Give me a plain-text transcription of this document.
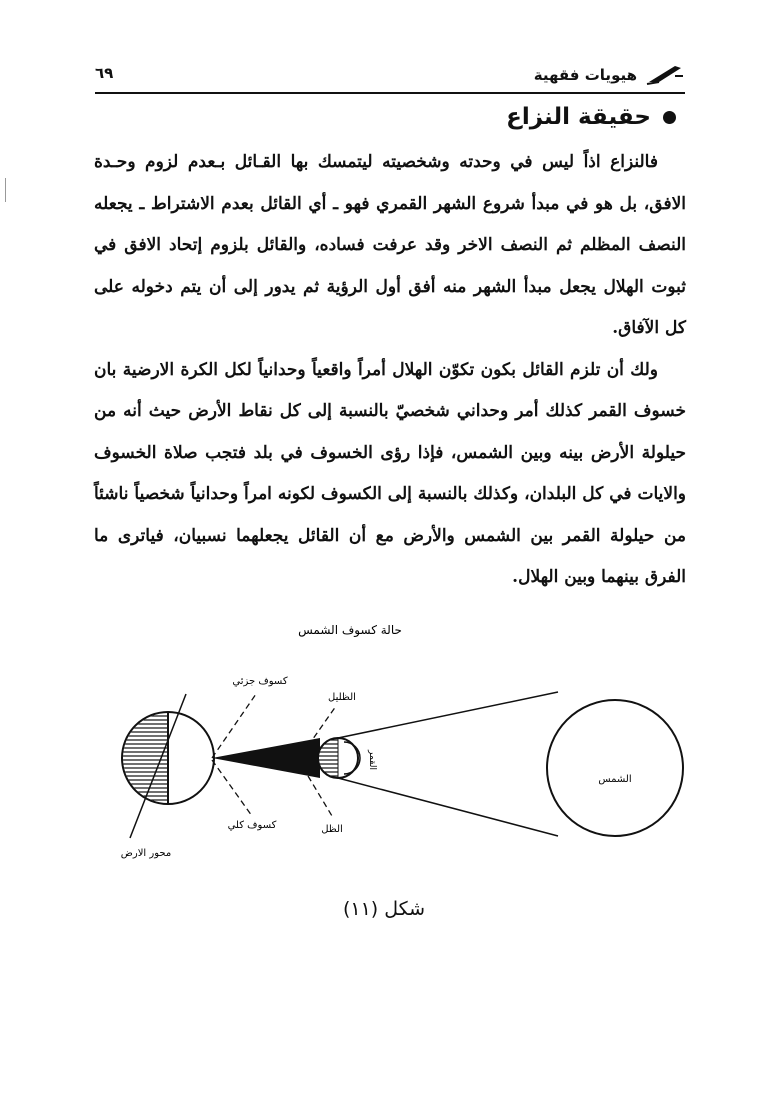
هيويات فقهية
٦٩
حقيقة النزاع

فالنزاع اذاً ليس في وحدته وشخصيته ليتمسك بها القـائل بـعدم لزوم وحـدة الافق، بل هو في مبدأ شروع الشهر القمري فهو ـ أي القائل بعدم الاشتراط ـ يجعله النصف المظلم ثم النصف الاخر وقد عرفت فساده، والقائل بلزوم إتحاد الافق في ثبوت الهلال يجعل مبدأ الشهر منه أفق أول الرؤية ثم يدور إلى أن يتم دخوله على كل الآفاق.

ولك أن تلزم القائل بكون تكوّن الهلال أمراً واقعياً وحدانياً لكل الكرة الارضية بان خسوف القمر كذلك أمر وحداني شخصيّ بالنسبة إلى كل نقاط الأرض حيث أنه من حيلولة الأرض بينه وبين الشمس، فإذا رؤى الخسوف في بلد فتجب صلاة الخسوف والايات في كل البلدان، وكذلك بالنسبة إلى الكسوف لكونه امراً وحدانياً شخصياً ناشئاً من حيلولة القمر بين الشمس والأرض مع أن القائل يجعلهما نسبيان، فياترى ما الفرق بينهما وبين الهلال.

حالة كسوف الشمس
كسوف جزئي
الظليل
القمر
الشمس
كسوف كلي	الظل
محور الارض
شكل (١١)
